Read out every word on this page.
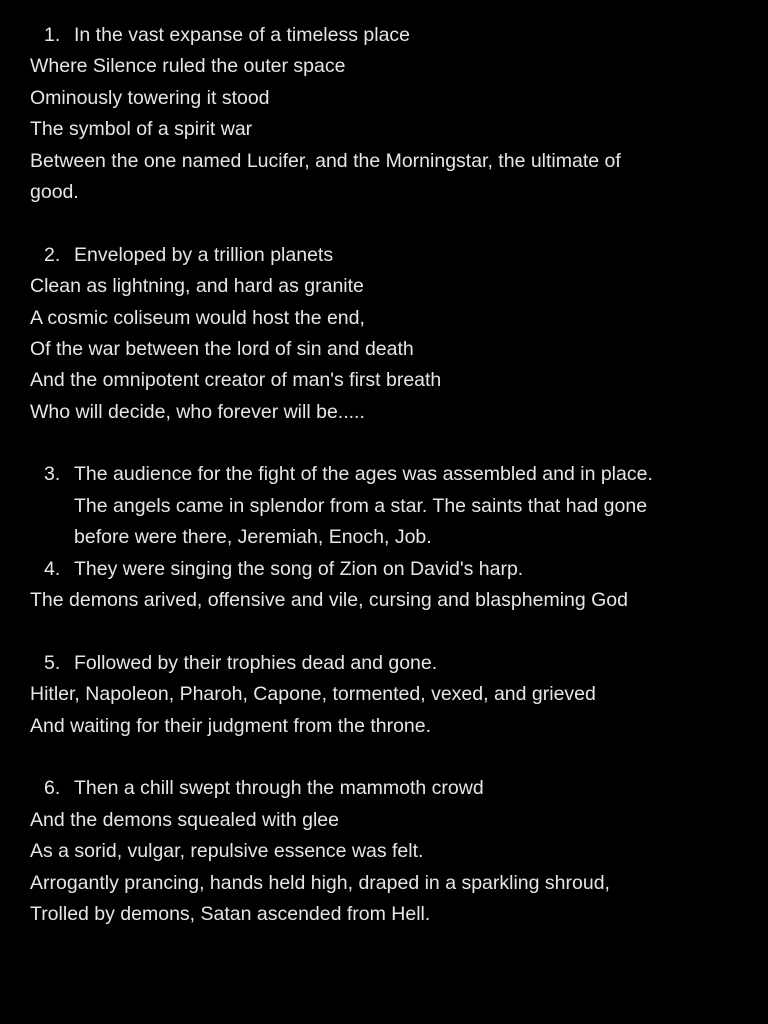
1. In the vast expanse of a timeless place
Where Silence ruled the outer space
Ominously towering it stood
The symbol of a spirit war
Between the one named Lucifer, and the Morningstar, the ultimate of
good.
2. Enveloped by a trillion planets
Clean as lightning, and hard as granite
A cosmic coliseum would host the end,
Of the war between the lord of sin and death
And the omnipotent creator of man's first breath
Who will decide, who forever will be.....
3. The audience for the fight of the ages was assembled and in place.
The angels came in splendor from a star. The saints that had gone
before were there, Jeremiah, Enoch, Job.
4. They were singing the song of Zion on David's harp.
The demons arived, offensive and vile, cursing and blaspheming God
5. Followed by their trophies dead and gone.
Hitler, Napoleon, Pharoh, Capone, tormented, vexed, and grieved
And waiting for their judgment from the throne.
6. Then a chill swept through the mammoth crowd
And the demons squealed with glee
As a sorid, vulgar, repulsive essence was felt.
Arrogantly prancing, hands held high, draped in a sparkling shroud,
Trolled by demons, Satan ascended from Hell.
